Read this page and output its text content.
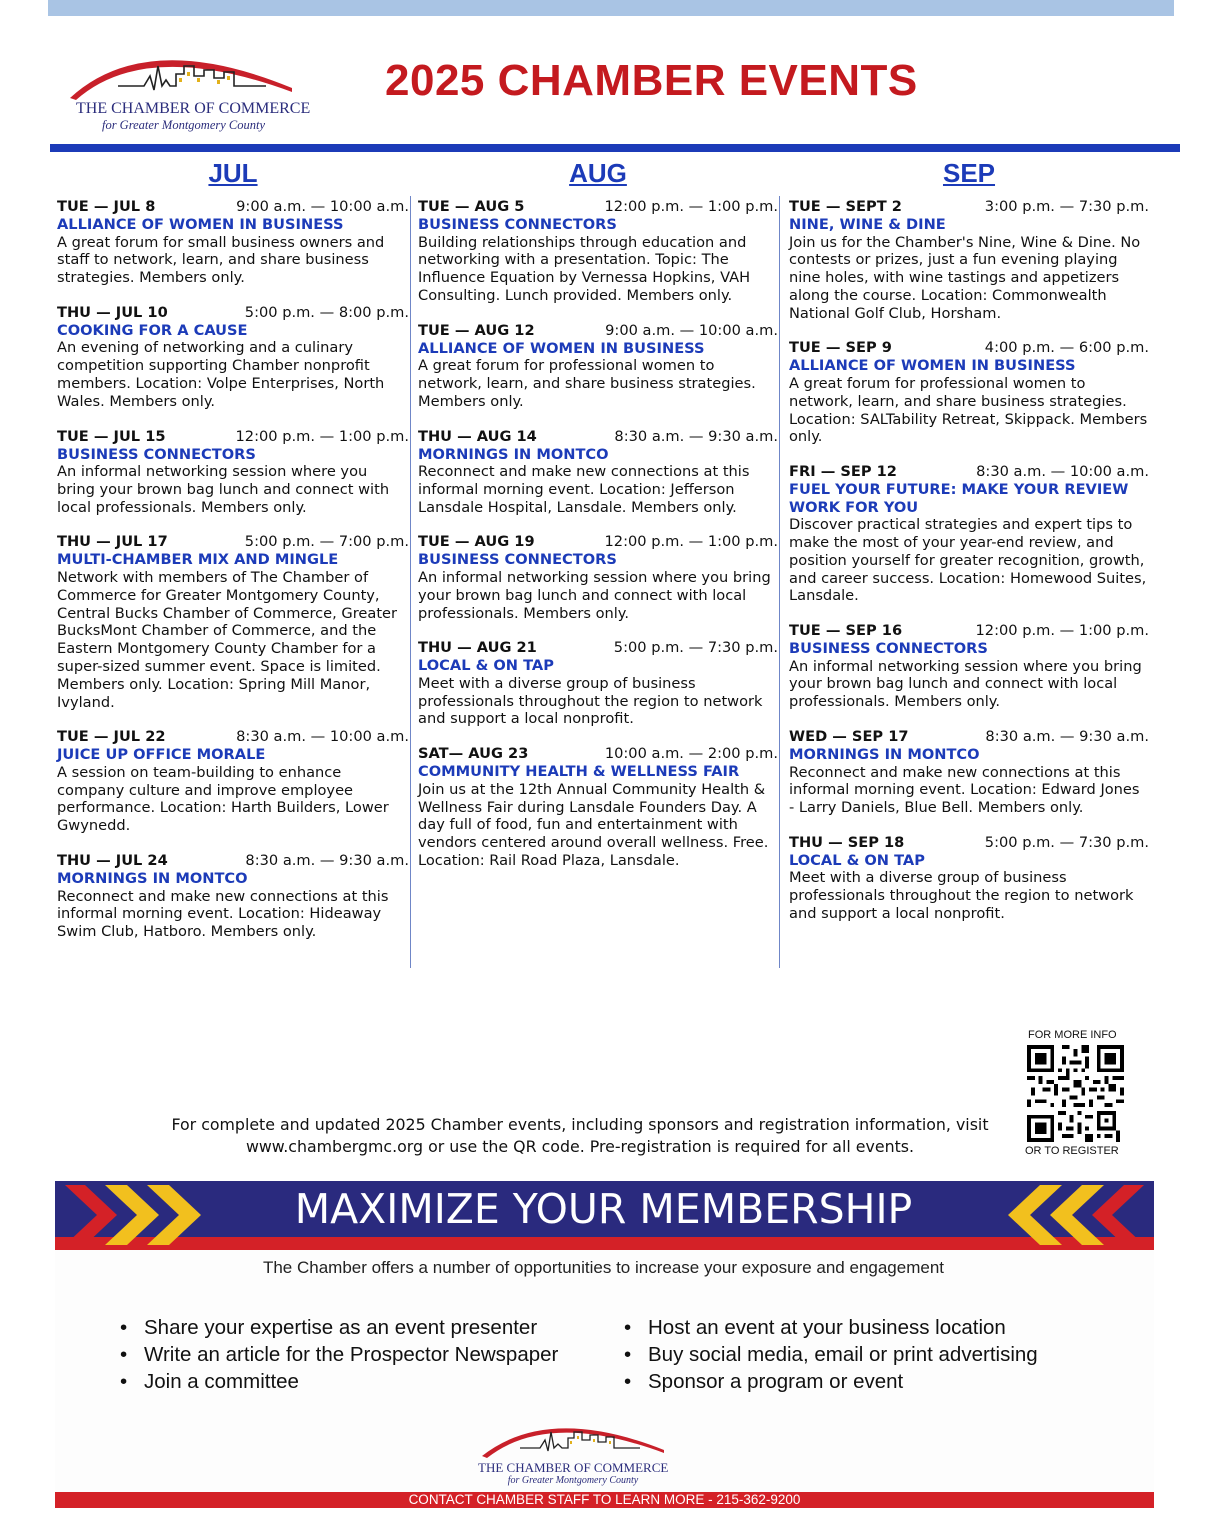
THE CHAMBER OF COMMERCE
for Greater Montgomery County
2025 CHAMBER EVENTS
JUL
TUE — JUL 8	9:00 a.m. — 10:00 a.m.
ALLIANCE OF WOMEN IN BUSINESS
A great forum for small business owners and staff to network, learn, and share business strategies. Members only.
THU — JUL 10	5:00 p.m. — 8:00 p.m.
COOKING FOR A CAUSE
An evening of networking and a culinary competition supporting Chamber nonprofit members. Location: Volpe Enterprises, North Wales. Members only.
TUE — JUL 15	12:00 p.m. — 1:00 p.m.
BUSINESS CONNECTORS
An informal networking session where you bring your brown bag lunch and connect with local professionals. Members only.
THU — JUL 17	5:00 p.m. — 7:00 p.m.
MULTI-CHAMBER MIX AND MINGLE
Network with members of The Chamber of Commerce for Greater Montgomery County, Central Bucks Chamber of Commerce, Greater BucksMont Chamber of Commerce, and the Eastern Montgomery County Chamber for a super-sized summer event. Space is limited. Members only. Location: Spring Mill Manor, Ivyland.
TUE — JUL 22	8:30 a.m. — 10:00 a.m.
JUICE UP OFFICE MORALE
A session on team-building to enhance company culture and improve employee performance. Location: Harth Builders, Lower Gwynedd.
THU — JUL 24	8:30 a.m. — 9:30 a.m.
MORNINGS IN MONTCO
Reconnect and make new connections at this informal morning event. Location: Hideaway Swim Club, Hatboro. Members only.
AUG
TUE — AUG 5	12:00 p.m. — 1:00 p.m.
BUSINESS CONNECTORS
Building relationships through education and networking with a presentation. Topic: The Influence Equation by Vernessa Hopkins, VAH Consulting. Lunch provided. Members only.
TUE — AUG 12	9:00 a.m. — 10:00 a.m.
ALLIANCE OF WOMEN IN BUSINESS
A great forum for professional women to network, learn, and share business strategies. Members only.
THU — AUG 14	8:30 a.m. — 9:30 a.m.
MORNINGS IN MONTCO
Reconnect and make new connections at this informal morning event. Location: Jefferson Lansdale Hospital, Lansdale. Members only.
TUE — AUG 19	12:00 p.m. — 1:00 p.m.
BUSINESS CONNECTORS
An informal networking session where you bring your brown bag lunch and connect with local professionals. Members only.
THU — AUG 21	5:00 p.m. — 7:30 p.m.
LOCAL & ON TAP
Meet with a diverse group of business professionals throughout the region to network and support a local nonprofit.
SAT— AUG 23	10:00 a.m. — 2:00 p.m.
COMMUNITY HEALTH & WELLNESS FAIR
Join us at the 12th Annual Community Health & Wellness Fair during Lansdale Founders Day. A day full of food, fun and entertainment with vendors centered around overall wellness. Free. Location: Rail Road Plaza, Lansdale.
SEP
TUE — SEPT 2	3:00 p.m. — 7:30 p.m.
NINE, WINE & DINE
Join us for the Chamber's Nine, Wine & Dine. No contests or prizes, just a fun evening playing nine holes, with wine tastings and appetizers along the course. Location: Commonwealth National Golf Club, Horsham.
TUE — SEP 9	4:00 p.m. — 6:00 p.m.
ALLIANCE OF WOMEN IN BUSINESS
A great forum for professional women to network, learn, and share business strategies. Location: SALTability Retreat, Skippack. Members only.
FRI — SEP 12	8:30 a.m. — 10:00 a.m.
FUEL YOUR FUTURE: MAKE YOUR REVIEW WORK FOR YOU
Discover practical strategies and expert tips to make the most of your year-end review, and position yourself for greater recognition, growth, and career success. Location: Homewood Suites, Lansdale.
TUE — SEP 16	12:00 p.m. — 1:00 p.m.
BUSINESS CONNECTORS
An informal networking session where you bring your brown bag lunch and connect with local professionals. Members only.
WED — SEP 17	8:30 a.m. — 9:30 a.m.
MORNINGS IN MONTCO
Reconnect and make new connections at this informal morning event. Location: Edward Jones - Larry Daniels, Blue Bell. Members only.
THU — SEP 18	5:00 p.m. — 7:30 p.m.
LOCAL & ON TAP
Meet with a diverse group of business professionals throughout the region to network and support a local nonprofit.
FOR MORE INFO
OR TO REGISTER
For complete and updated 2025 Chamber events, including sponsors and registration information, visit www.chambergmc.org or use the QR code. Pre-registration is required for all events.
MAXIMIZE YOUR MEMBERSHIP
The Chamber offers a number of opportunities to increase your exposure and engagement
• Share your expertise as an event presenter
• Write an article for the Prospector Newspaper
• Join a committee
• Host an event at your business location
• Buy social media, email or print advertising
• Sponsor a program or event
THE CHAMBER OF COMMERCE
for Greater Montgomery County
CONTACT CHAMBER STAFF TO LEARN MORE - 215-362-9200
